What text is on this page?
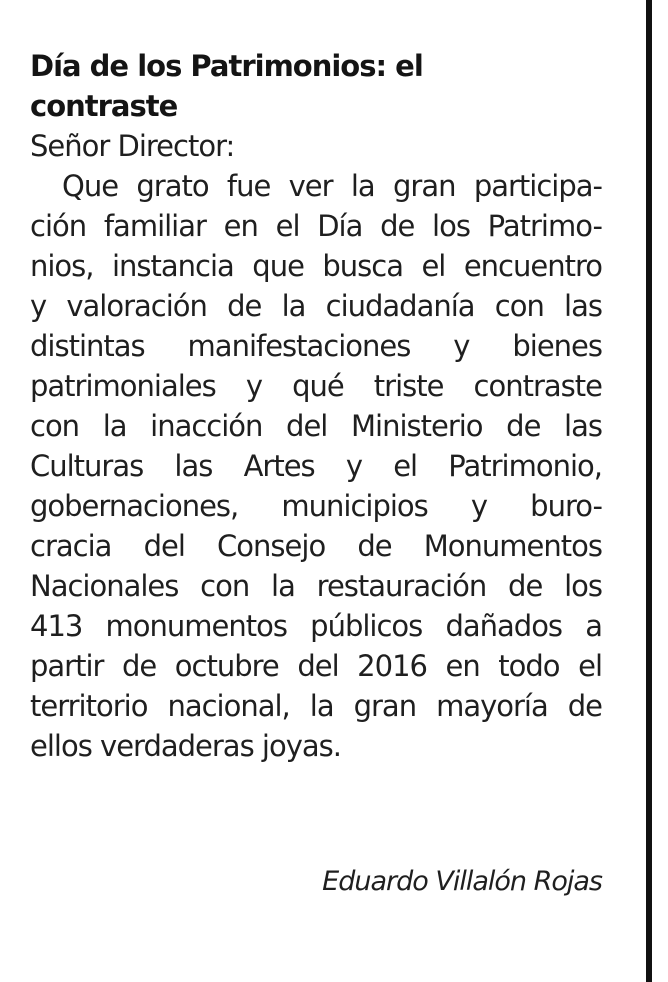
Día de los Patrimonios: el
contraste

Señor Director:

Que grato fue ver la gran participa-
ción familiar en el Día de los Patrimo-
nios, instancia que busca el encuentro
y valoración de la ciudadanía con las
distintas manifestaciones y bienes
patrimoniales y qué triste contraste
con la inacción del Ministerio de las
Culturas las Artes y el Patrimonio,
gobernaciones, municipios y buro-
cracia del Consejo de Monumentos
Nacionales con la restauración de los
413 monumentos públicos dañados a
partir de octubre del 2016 en todo el
territorio nacional, la gran mayoría de
ellos verdaderas joyas.

Eduardo Villalón Rojas
